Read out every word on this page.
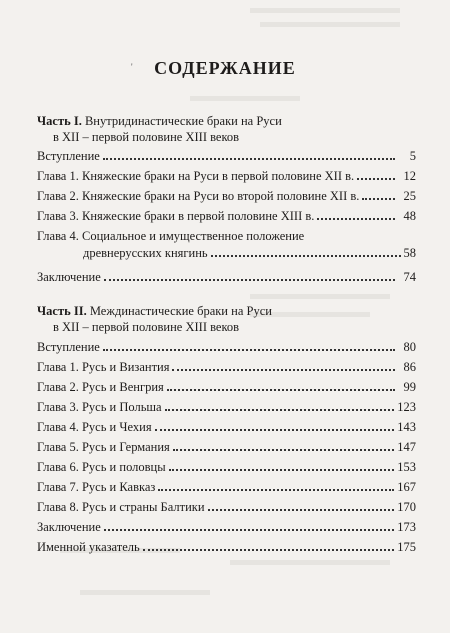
'	СОДЕРЖАНИЕ
Часть I. Внутридинастические браки на Руси
в XII – первой половине XIII веков
Вступление	5
Глава 1. Княжеские браки на Руси в первой половине XII в.	12
Глава 2. Княжеские браки на Руси во второй половине XII в.	25
Глава 3. Княжеские браки в первой половине XIII в.	48
Глава 4. Социальное и имущественное положение
древнерусских княгинь	58
Заключение	74
Часть II. Междинастические браки на Руси
в XII – первой половине XIII веков
Вступление	80
Глава 1. Русь и Византия	86
Глава 2. Русь и Венгрия	99
Глава 3. Русь и Польша	123
Глава 4. Русь и Чехия	143
Глава 5. Русь и Германия	147
Глава 6. Русь и половцы	153
Глава 7. Русь и Кавказ	167
Глава 8. Русь и страны Балтики	170
Заключение	173
Именной указатель	175
